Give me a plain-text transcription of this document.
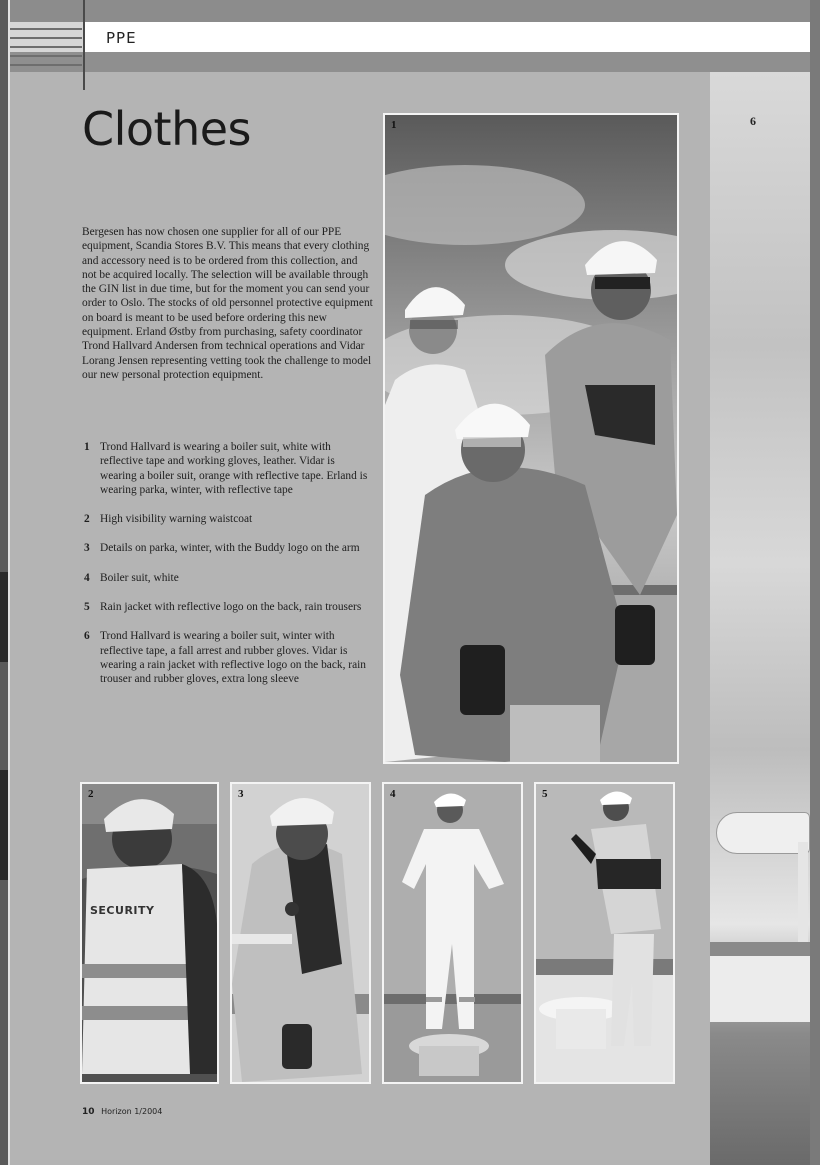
PPE
6
Clothes

Bergesen has now chosen one supplier for all of our PPE equipment, Scandia Stores B.V. This means that every clothing and accessory need is to be ordered from this collection, and not be acquired locally. The selection will be available through the GIN list in due time, but for the moment you can send your order to Oslo. The stocks of old personnel protective equipment on board is meant to be used before ordering this new equipment. Erland Østby from purchasing, safety coordinator Trond Hallvard Andersen from technical operations and Vidar Lorang Jensen representing vetting took the challenge to model our new personal protection equipment.

1 Trond Hallvard is wearing a boiler suit, white with reflective tape and working gloves, leather. Vidar is wearing a boiler suit, orange with reflective tape. Erland is wearing parka, winter, with reflective tape
2 High visibility warning waistcoat
3 Details on parka, winter, with the Buddy logo on the arm
4 Boiler suit, white
5 Rain jacket with reflective logo on the back, rain trousers
6 Trond Hallvard is wearing a boiler suit, winter with reflective tape, a fall arrest and rubber gloves. Vidar is wearing a rain jacket with reflective logo on the back, rain trouser and rubber gloves, extra long sleeve
1
2
SECURITY
3	4	5
10 Horizon 1/2004
